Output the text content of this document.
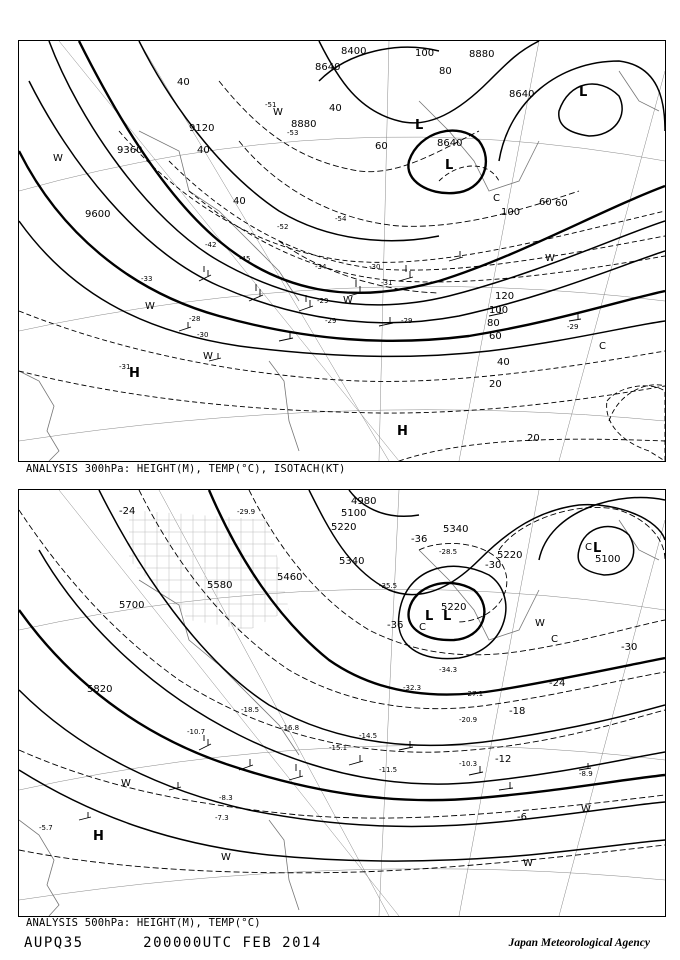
L
L
L
H
H
8400
8640
8880
8880
8640
8640
9120
9360
9600
100
80
60
40
40
40
40	60
100
60
120
100
80
60
40
20
20
-51
-53
-54
-52
-45
-42
-33
-34
-29
-30
-31
-28	-29
-30
-29
-29
-31
W
W
W
W
W
W
C
C
ANALYSIS 300hPa: HEIGHT(M), TEMP(°C), ISOTACH(KT)
L
L
L
H
4980
5100
5220
5220
5220
5340
5340
5460
5580
5700
5820
5100
-24
-36
-36
-30
-30
-24
-18
-12
-6
-29.9
-28.5
-35.5
-34.3
-32.3
-15.1
-16.8
-18.5
-10.7	-14.5
-11.5
-8.3
-7.3
-8.9
-10.3
-5.7
-20.9
-27.1
W
W
W
W
W
C
C
C
ANALYSIS 500hPa: HEIGHT(M), TEMP(°C)
AUPQ35	200000UTC FEB 2014	Japan Meteorological Agency
